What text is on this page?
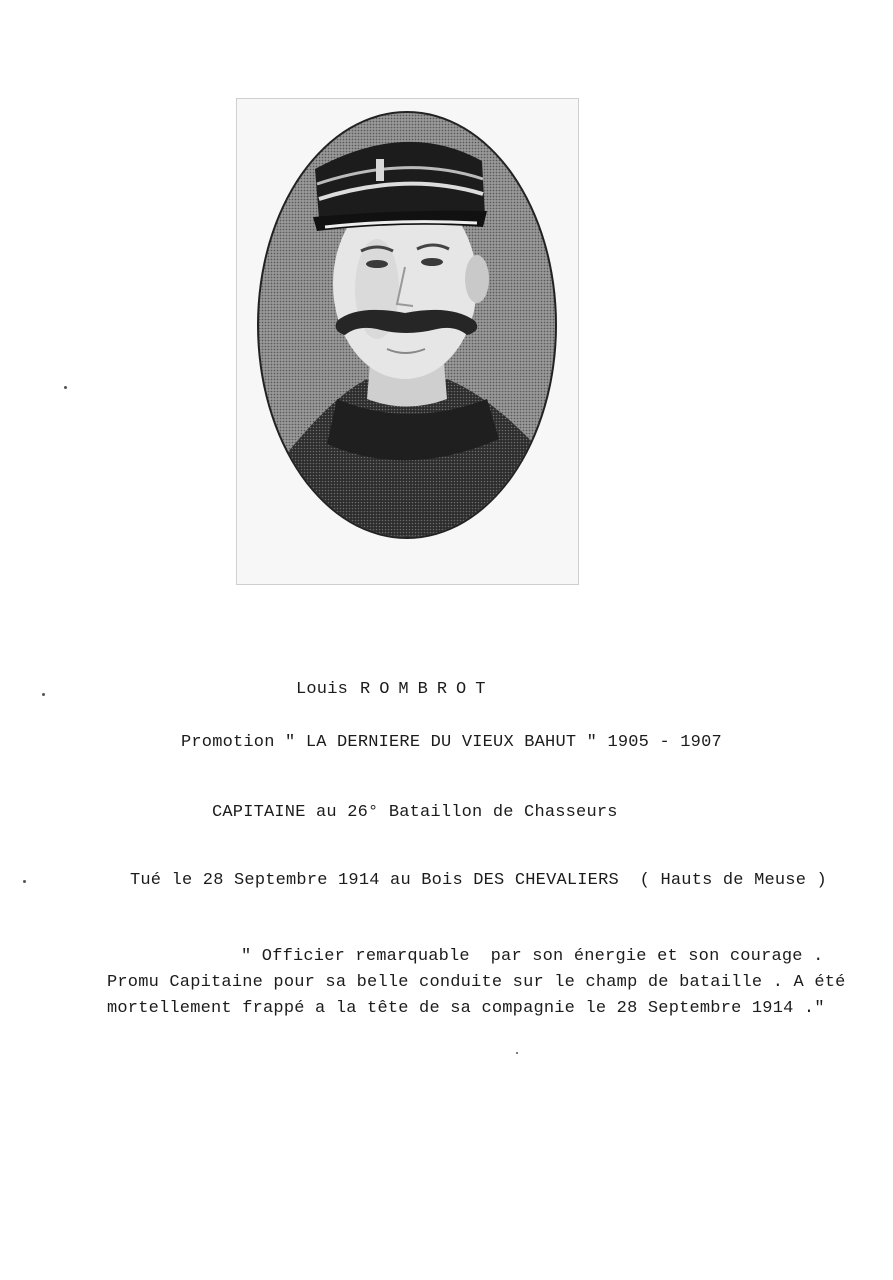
Louis ROMBROT
Promotion " LA DERNIERE DU VIEUX BAHUT " 1905 - 1907
CAPITAINE au 26° Bataillon de Chasseurs
Tué le 28 Septembre 1914 au Bois DES CHEVALIERS  ( Hauts de Meuse )
" Officier remarquable  par son énergie et son courage .
Promu Capitaine pour sa belle conduite sur le champ de bataille . A été
mortellement frappé a la tête de sa compagnie le 28 Septembre 1914 ."
